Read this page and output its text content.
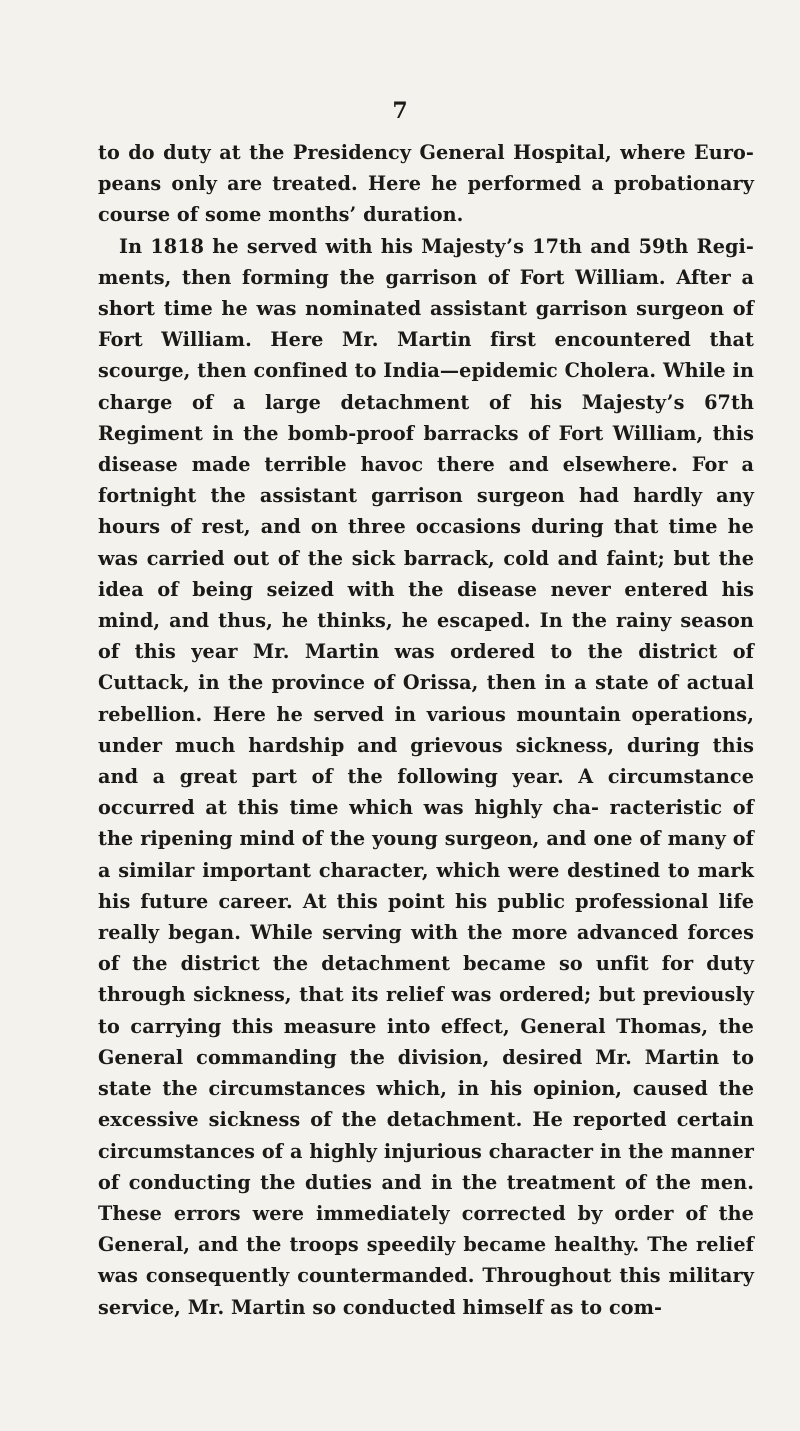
7

to do duty at the Presidency General Hospital, where Euro- peans only are treated. Here he performed a probationary course of some months’ duration.

In 1818 he served with his Majesty’s 17th and 59th Regi- ments, then forming the garrison of Fort William. After a short time he was nominated assistant garrison surgeon of Fort William. Here Mr. Martin first encountered that scourge, then confined to India—epidemic Cholera. While in charge of a large detachment of his Majesty’s 67th Regiment in the bomb-proof barracks of Fort William, this disease made terrible havoc there and elsewhere. For a fortnight the assistant garrison surgeon had hardly any hours of rest, and on three occasions during that time he was carried out of the sick barrack, cold and faint; but the idea of being seized with the disease never entered his mind, and thus, he thinks, he escaped. In the rainy season of this year Mr. Martin was ordered to the district of Cuttack, in the province of Orissa, then in a state of actual rebellion. Here he served in various mountain operations, under much hardship and grievous sickness, during this and a great part of the following year. A circumstance occurred at this time which was highly cha- racteristic of the ripening mind of the young surgeon, and one of many of a similar important character, which were destined to mark his future career. At this point his public professional life really began. While serving with the more advanced forces of the district the detachment became so unfit for duty through sickness, that its relief was ordered; but previously to carrying this measure into effect, General Thomas, the General commanding the division, desired Mr. Martin to state the circumstances which, in his opinion, caused the excessive sickness of the detachment. He reported certain circumstances of a highly injurious character in the manner of conducting the duties and in the treatment of the men. These errors were immediately corrected by order of the General, and the troops speedily became healthy. The relief was consequently countermanded. Throughout this military service, Mr. Martin so conducted himself as to com-
